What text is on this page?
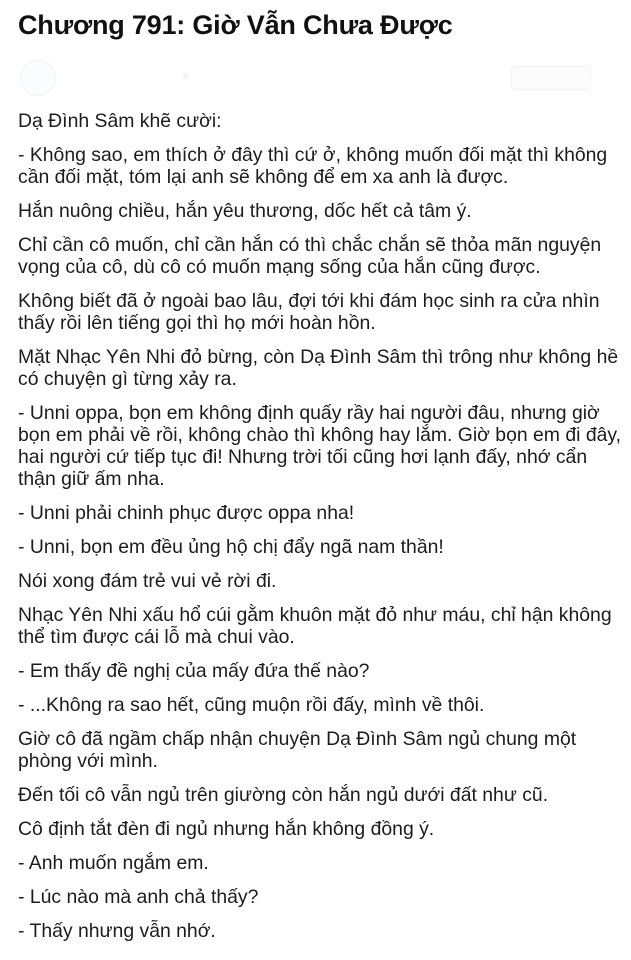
Chương 791: Giờ Vẫn Chưa Được

Dạ Đình Sâm khẽ cười:

- Không sao, em thích ở đây thì cứ ở, không muốn đối mặt thì không cần đối mặt, tóm lại anh sẽ không để em xa anh là được.

Hắn nuông chiều, hắn yêu thương, dốc hết cả tâm ý.

Chỉ cần cô muốn, chỉ cần hắn có thì chắc chắn sẽ thỏa mãn nguyện vọng của cô, dù cô có muốn mạng sống của hắn cũng được.

Không biết đã ở ngoài bao lâu, đợi tới khi đám học sinh ra cửa nhìn thấy rồi lên tiếng gọi thì họ mới hoàn hồn.

Mặt Nhạc Yên Nhi đỏ bừng, còn Dạ Đình Sâm thì trông như không hề có chuyện gì từng xảy ra.

- Unni oppa, bọn em không định quấy rầy hai người đâu, nhưng giờ bọn em phải về rồi, không chào thì không hay lắm. Giờ bọn em đi đây, hai người cứ tiếp tục đi! Nhưng trời tối cũng hơi lạnh đấy, nhớ cẩn thận giữ ấm nha.

- Unni phải chinh phục được oppa nha!

- Unni, bọn em đều ủng hộ chị đẩy ngã nam thần!

Nói xong đám trẻ vui vẻ rời đi.

Nhạc Yên Nhi xấu hổ cúi gằm khuôn mặt đỏ như máu, chỉ hận không thể tìm được cái lỗ mà chui vào.

- Em thấy đề nghị của mấy đứa thế nào?

- ...Không ra sao hết, cũng muộn rồi đấy, mình về thôi.

Giờ cô đã ngầm chấp nhận chuyện Dạ Đình Sâm ngủ chung một phòng với mình.

Đến tối cô vẫn ngủ trên giường còn hắn ngủ dưới đất như cũ.

Cô định tắt đèn đi ngủ nhưng hắn không đồng ý.

- Anh muốn ngắm em.

- Lúc nào mà anh chả thấy?

- Thấy nhưng vẫn nhớ.
